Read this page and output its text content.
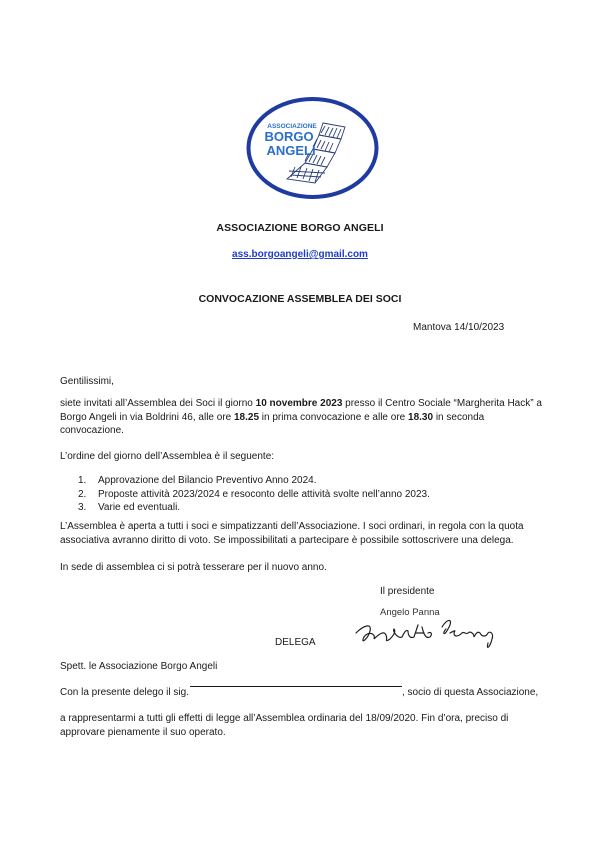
ASSOCIAZIONE
BORGO
ANGELI
ASSOCIAZIONE BORGO ANGELI
ass.borgoangeli@gmail.com
CONVOCAZIONE ASSEMBLEA DEI SOCI
Mantova 14/10/2023
Gentilissimi,
siete invitati all’Assemblea dei Soci il giorno 10 novembre 2023 presso il Centro Sociale “Margherita Hack” a Borgo Angeli in via Boldrini 46, alle ore 18.25 in prima convocazione e alle ore 18.30 in seconda convocazione.
L’ordine del giorno dell’Assemblea è il seguente:
1.	Approvazione del Bilancio Preventivo Anno 2024.
2.	Proposte attività 2023/2024 e resoconto delle attività svolte nell’anno 2023.
3.	Varie ed eventuali.
L’Assemblea è aperta a tutti i soci e simpatizzanti dell’Associazione. I soci ordinari, in regola con la quota associativa avranno diritto di voto. Se impossibilitati a partecipare è possibile sottoscrivere una delega.
In sede di assemblea ci si potrà tesserare per il nuovo anno.
Il presidente
Angelo Panna
DELEGA
Spett. le Associazione Borgo Angeli
Con la presente delego il sig.	, socio di questa Associazione,
a rappresentarmi a tutti gli effetti di legge all’Assemblea ordinaria del 18/09/2020. Fin d’ora, preciso di approvare pienamente il suo operato.
